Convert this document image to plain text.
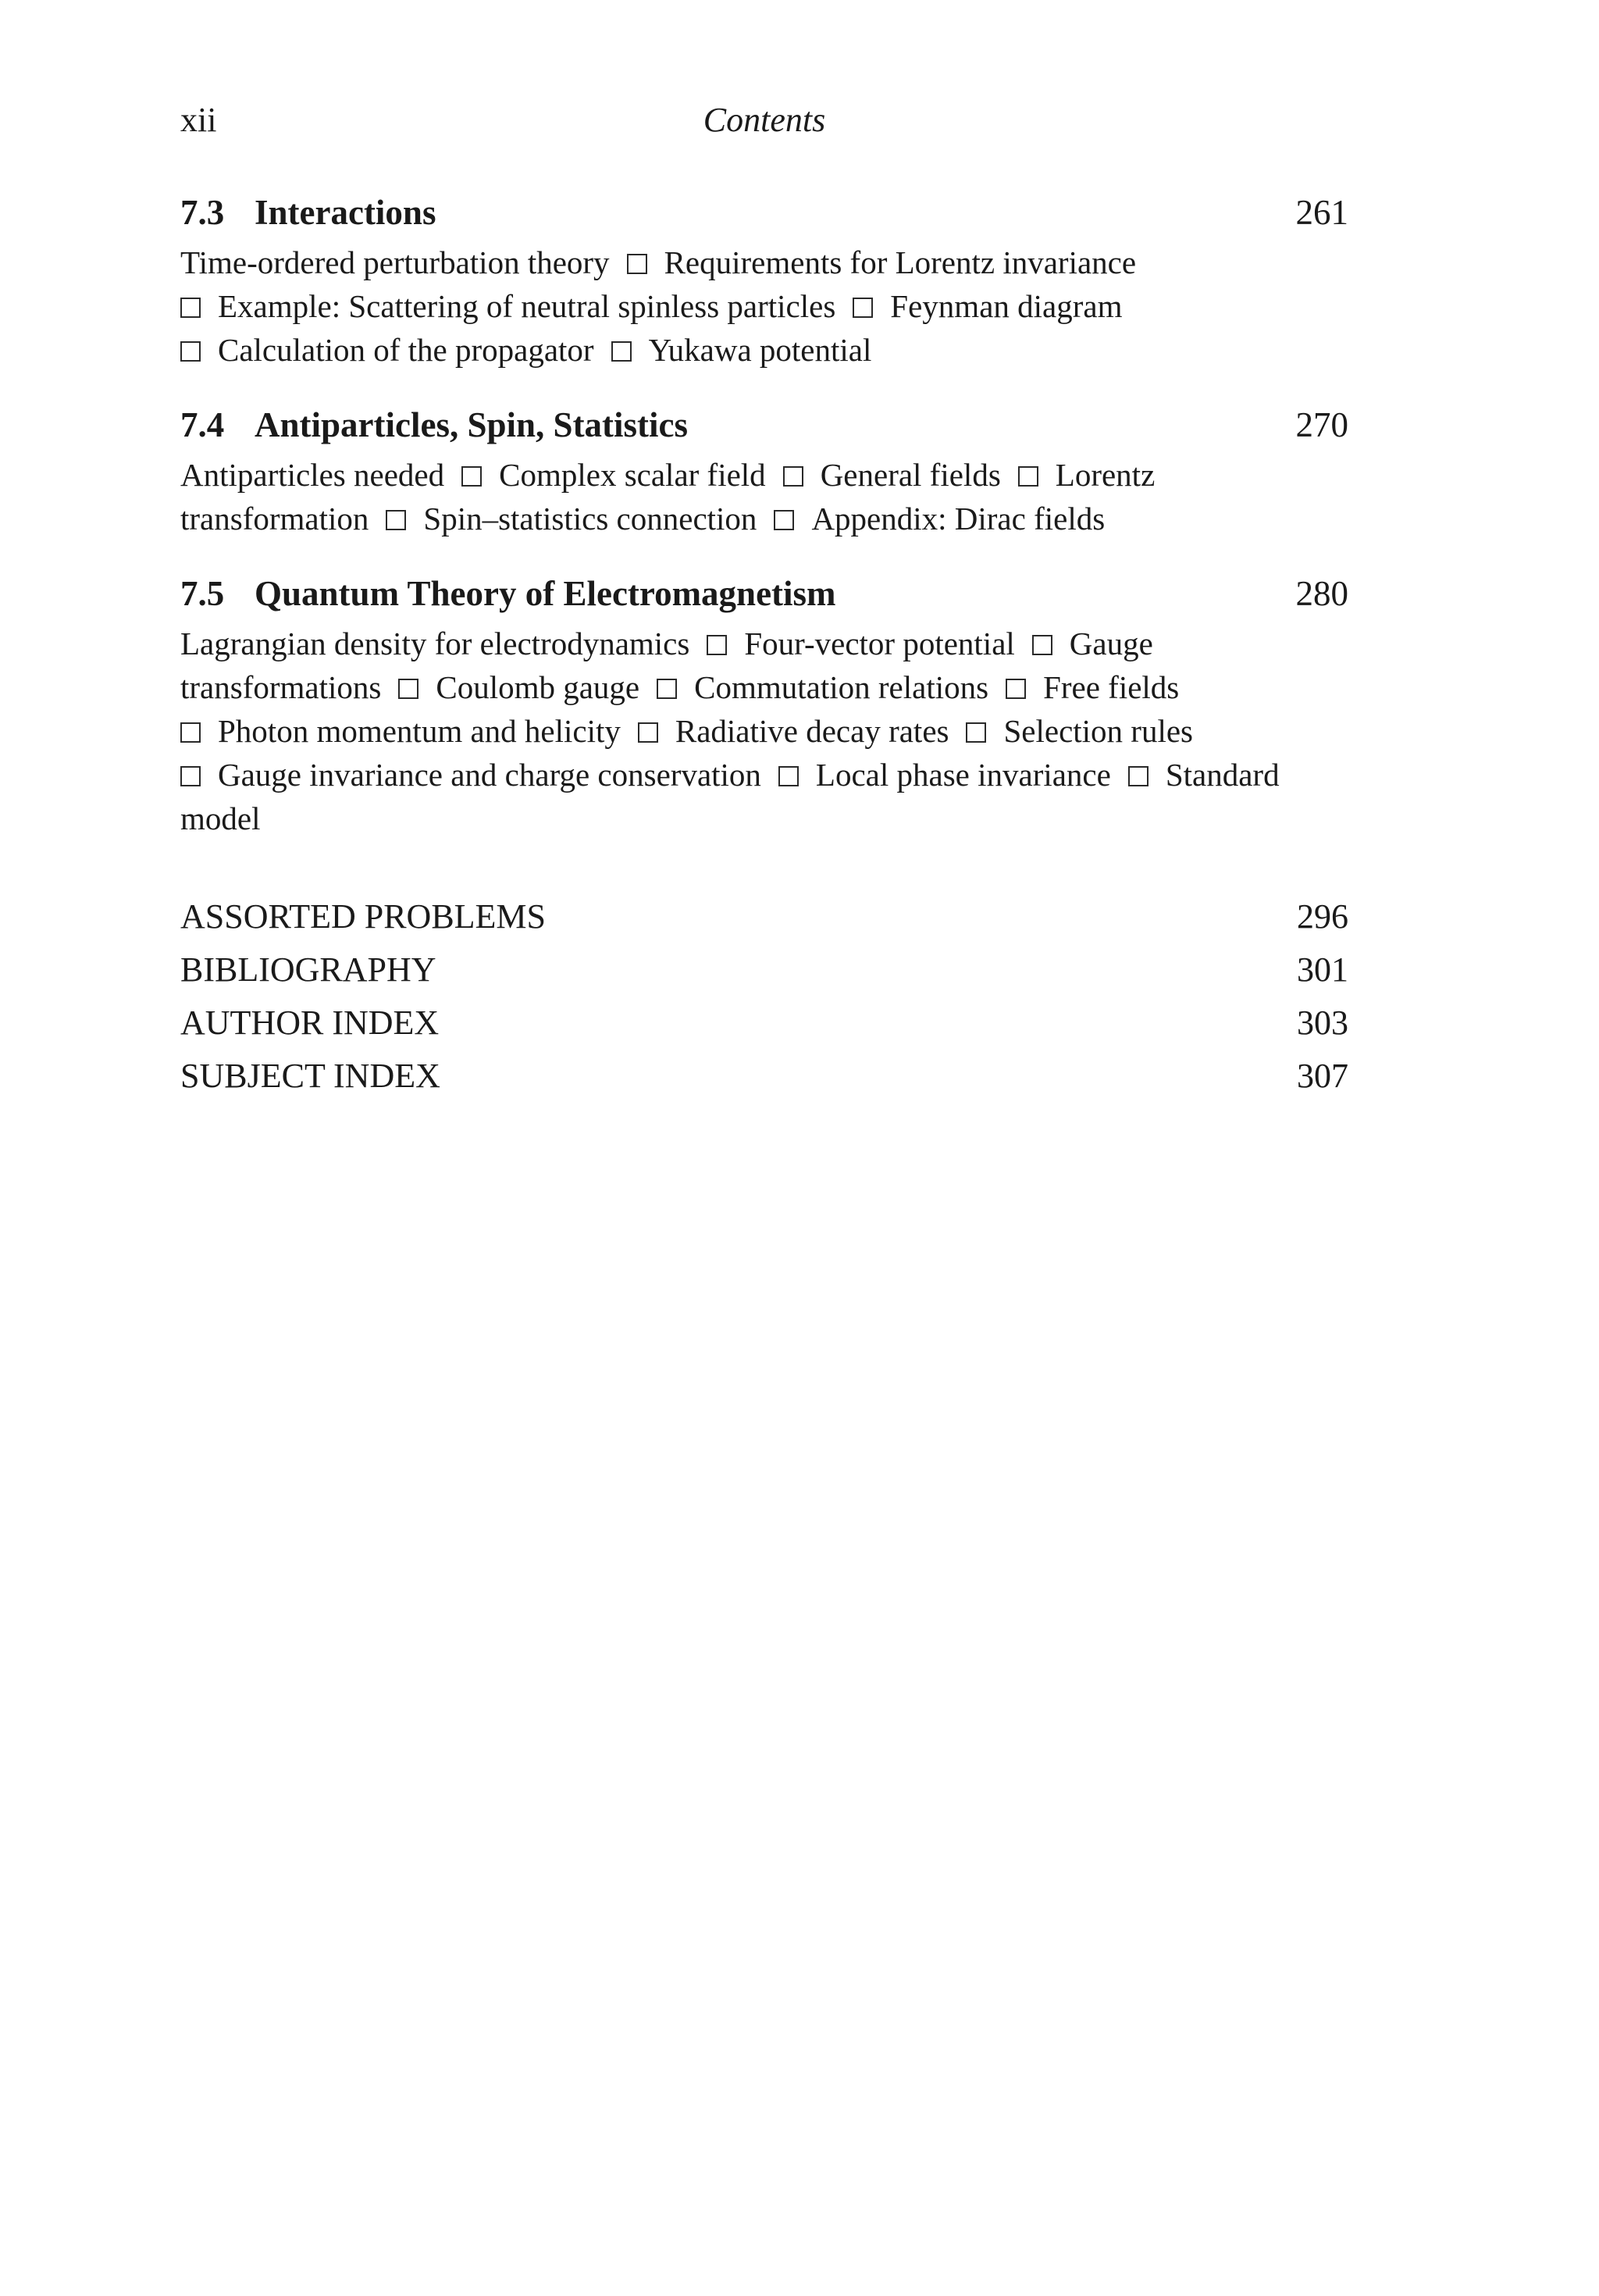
xii	Contents
7.3 Interactions	261
Time-ordered perturbation theory Requirements for Lorentz invariance
Example: Scattering of neutral spinless particles Feynman diagram
Calculation of the propagator Yukawa potential
7.4 Antiparticles, Spin, Statistics	270
Antiparticles needed Complex scalar field General fields Lorentz
transformation Spin–statistics connection Appendix: Dirac fields
7.5 Quantum Theory of Electromagnetism	280
Lagrangian density for electrodynamics Four-vector potential Gauge
transformations Coulomb gauge Commutation relations Free fields
Photon momentum and helicity Radiative decay rates Selection rules
Gauge invariance and charge conservation Local phase invariance Standard
model
ASSORTED PROBLEMS	296
BIBLIOGRAPHY	301
AUTHOR INDEX	303
SUBJECT INDEX	307
